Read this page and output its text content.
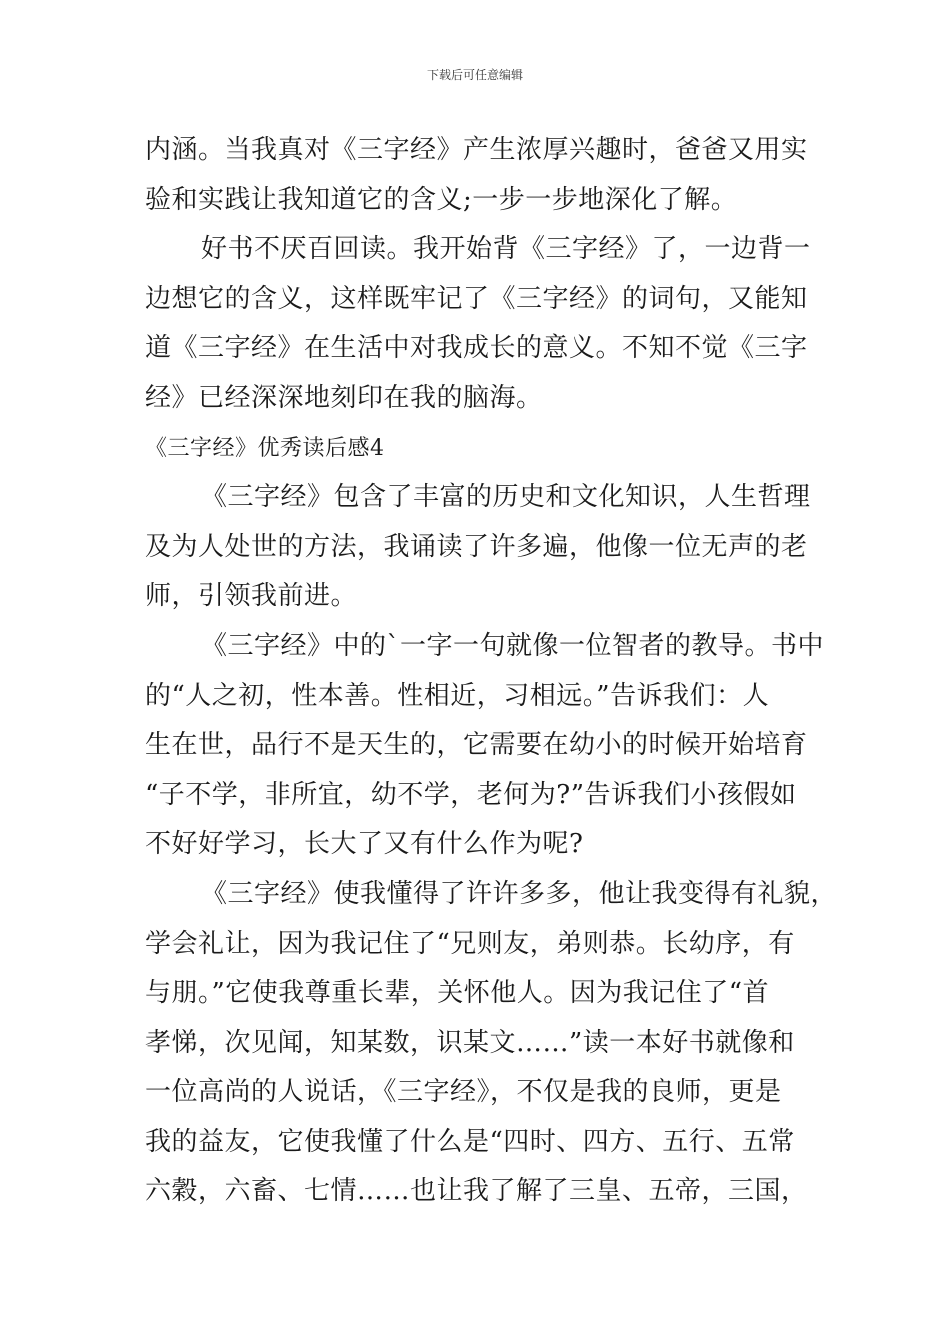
下载后可任意编辑
内涵。当我真对《三字经》产生浓厚兴趣时，爸爸又用实
验和实践让我知道它的含义;一步一步地深化了解。
好书不厌百回读。我开始背《三字经》了，一边背一
边想它的含义，这样既牢记了《三字经》的词句，又能知
道《三字经》在生活中对我成长的意义。不知不觉《三字
经》已经深深地刻印在我的脑海。
《三字经》优秀读后感4
《三字经》包含了丰富的历史和文化知识，人生哲理
及为人处世的方法，我诵读了许多遍，他像一位无声的老
师，引领我前进。
《三字经》中的`一字一句就像一位智者的教导。书中
的“人之初，性本善。性相近，习相远。”告诉我们：人
生在世，品行不是天生的，它需要在幼小的时候开始培育
“子不学，非所宜，幼不学，老何为?”告诉我们小孩假如
不好好学习，长大了又有什么作为呢?
《三字经》使我懂得了许许多多，他让我变得有礼貌，
学会礼让，因为我记住了“兄则友，弟则恭。长幼序，有
与朋。”它使我尊重长辈，关怀他人。因为我记住了“首
孝悌，次见闻，知某数，识某文……”读一本好书就像和
一位高尚的人说话，《三字经》，不仅是我的良师，更是
我的益友，它使我懂了什么是“四时、四方、五行、五常
六穀，六畜、七情……也让我了解了三皇、五帝，三国，
